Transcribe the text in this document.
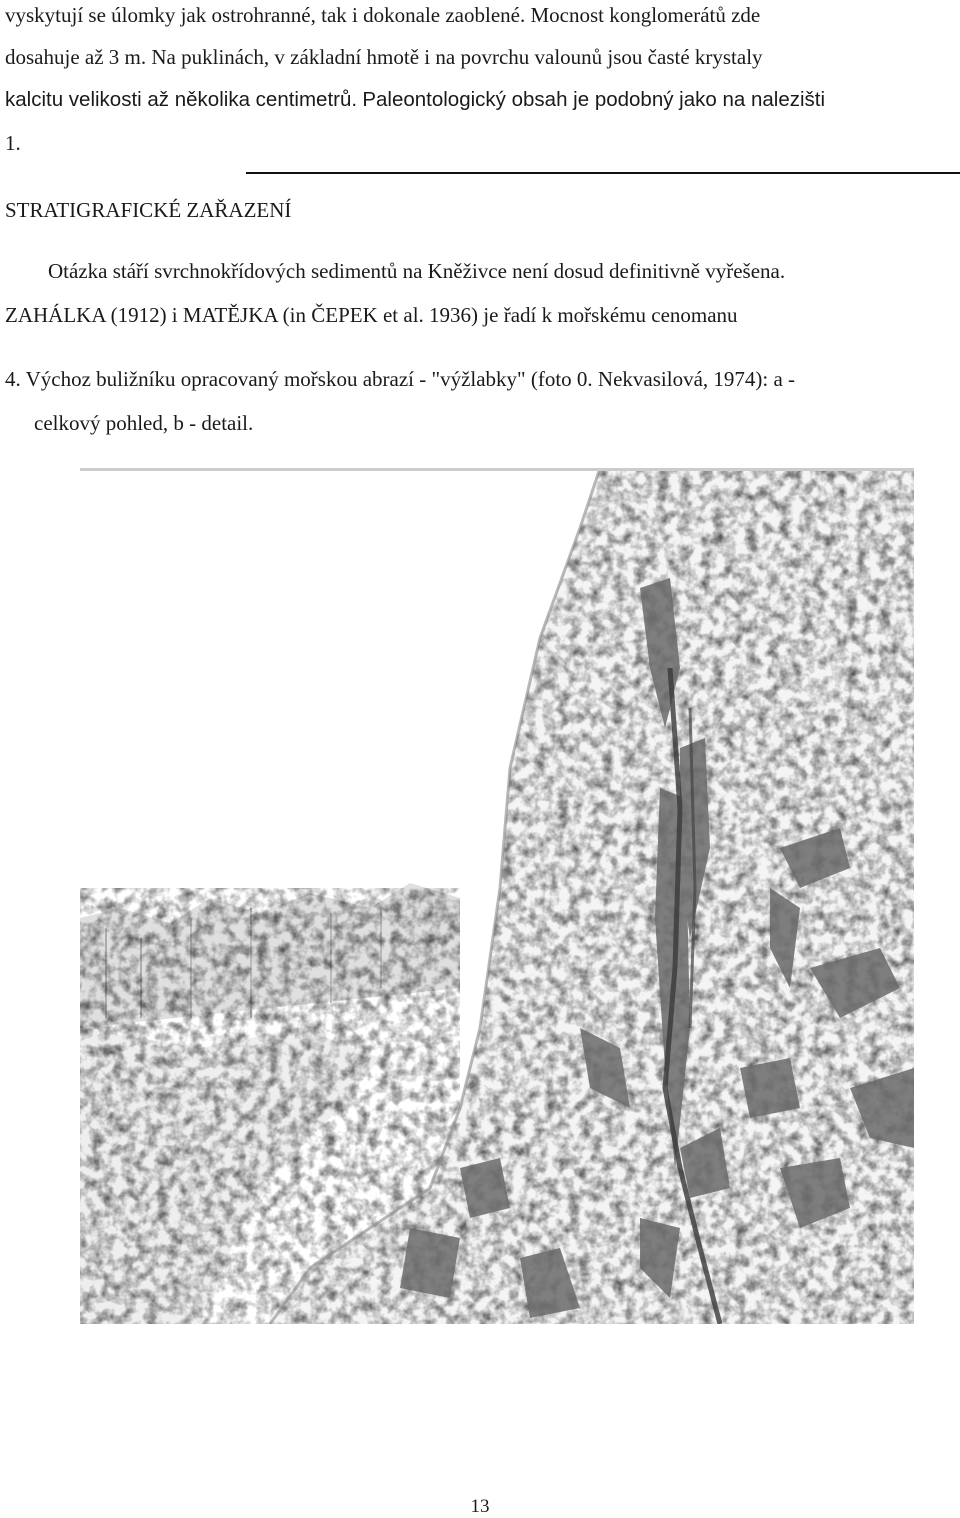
vyskytují se úlomky jak ostrohranné, tak i dokonale zaoblené. Mocnost konglomerátů zde

dosahuje až 3 m. Na puklinách, v základní hmotě i na povrchu valounů jsou časté krystaly

kalcitu velikosti až několika centimetrů. Paleontologický obsah je podobný jako na nalezišti

1.

STRATIGRAFICKÉ ZAŘAZENÍ

Otázka stáří svrchnokřídových sedimentů na Kněživce není dosud definitivně vyřešena.

ZAHÁLKA (1912) i MATĚJKA (in ČEPEK et al. 1936) je řadí k mořskému cenomanu

4. Výchoz buližníku opracovaný mořskou abrazí - "výžlabky" (foto 0. Nekvasilová, 1974): a -

celkový pohled, b - detail.

13
